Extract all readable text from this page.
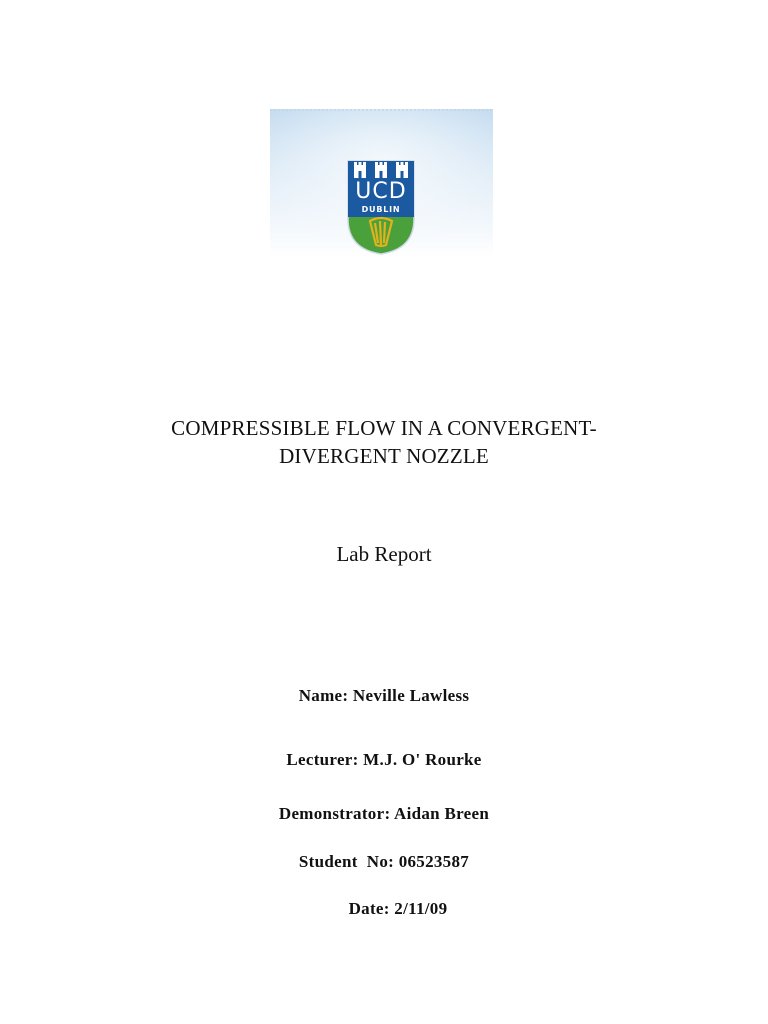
UCD
DUBLIN
COMPRESSIBLE FLOW IN A CONVERGENT-
DIVERGENT NOZZLE
Lab Report
Name: Neville Lawless
Lecturer: M.J. O' Rourke
Demonstrator: Aidan Breen
Student  No: 06523587
Date: 2/11/09
